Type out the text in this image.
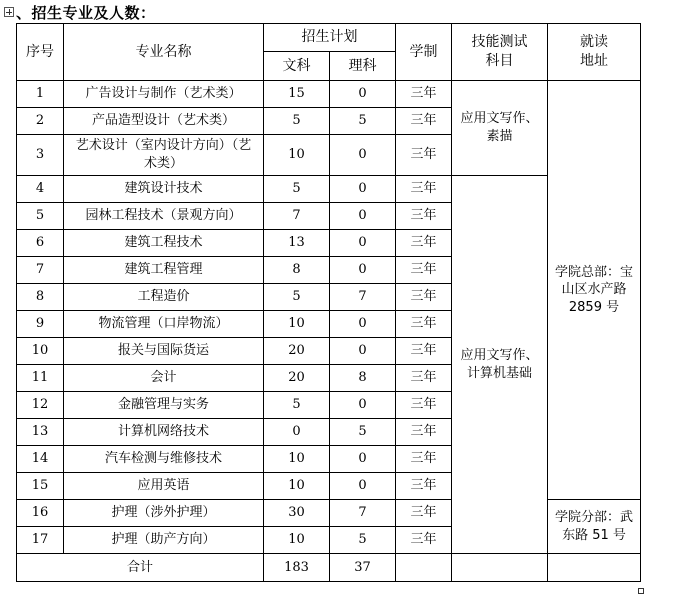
、招生专业及人数：
序号	专业名称	招生计划		学制	技能测试科目	就读地址

		文科	理科			
1	广告设计与制作（艺术类）	15	0	三年	应用文写作、素描	学院总部：宝山区水产路 2859 号

2	产品造型设计（艺术类）	5	5	三年		
3	艺术设计（室内设计方向）（艺术类）	10	0	三年		
4	建筑设计技术	5	0	三年	应用文写作、计算机基础	

5	园林工程技术（景观方向）	7	0	三年		
6	建筑工程技术	13	0	三年		
7	建筑工程管理	8	0	三年		
8	工程造价	5	7	三年		
9	物流管理（口岸物流）	10	0	三年		
10	报关与国际货运	20	0	三年		
11	会计	20	8	三年		
12	金融管理与实务	5	0	三年		
13	计算机网络技术	0	5	三年		
14	汽车检测与维修技术	10	0	三年		
15	应用英语	10	0	三年		
16	护理（涉外护理）	30	7	三年		学院分部：武东路 51 号

17	护理（助产方向）	10	5	三年		
合计		183	37			
